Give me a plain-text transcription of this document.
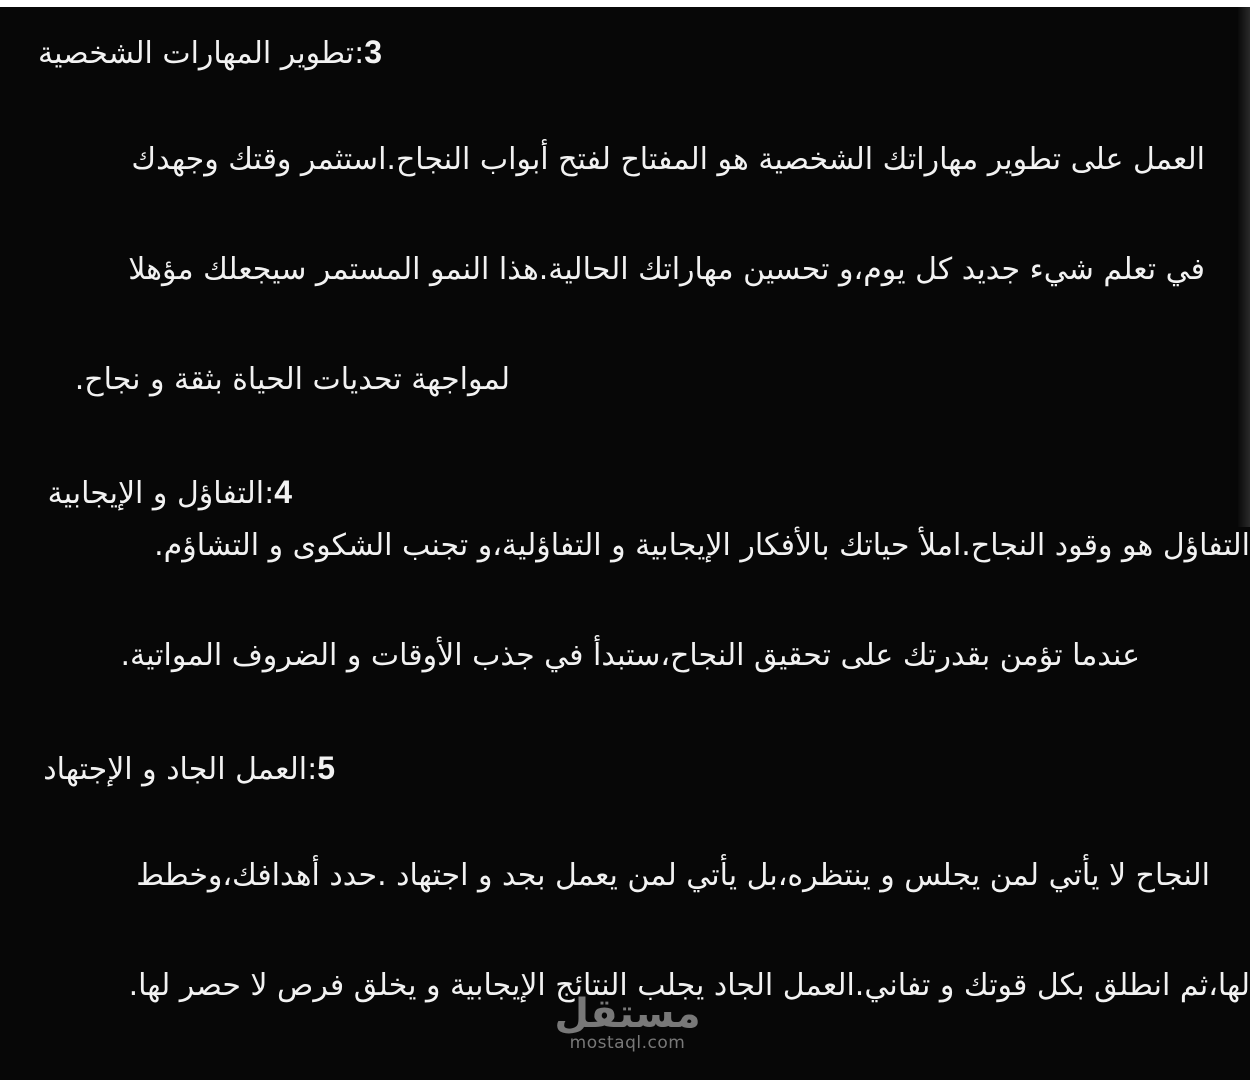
3:تطوير المهارات الشخصية
العمل على تطوير مهاراتك الشخصية هو المفتاح لفتح أبواب النجاح.استثمر وقتك وجهدك
في تعلم شيء جديد كل يوم،و تحسين مهاراتك الحالية.هذا النمو المستمر سيجعلك مؤهلا
لمواجهة تحديات الحياة بثقة و نجاح.
4:التفاؤل و الإيجابية
التفاؤل هو وقود النجاح.املأ حياتك بالأفكار الإيجابية و التفاؤلية،و تجنب الشكوى و التشاؤم.
عندما تؤمن بقدرتك على تحقيق النجاح،ستبدأ في جذب الأوقات و الضروف المواتية.
5:العمل الجاد و الإجتهاد
النجاح لا يأتي لمن يجلس و ينتظره،بل يأتي لمن يعمل بجد و اجتهاد .حدد أهدافك،وخطط
لها،ثم انطلق بكل قوتك و تفاني.العمل الجاد يجلب النتائج الإيجابية و يخلق فرص لا حصر لها.
مستقل
mostaql.com
